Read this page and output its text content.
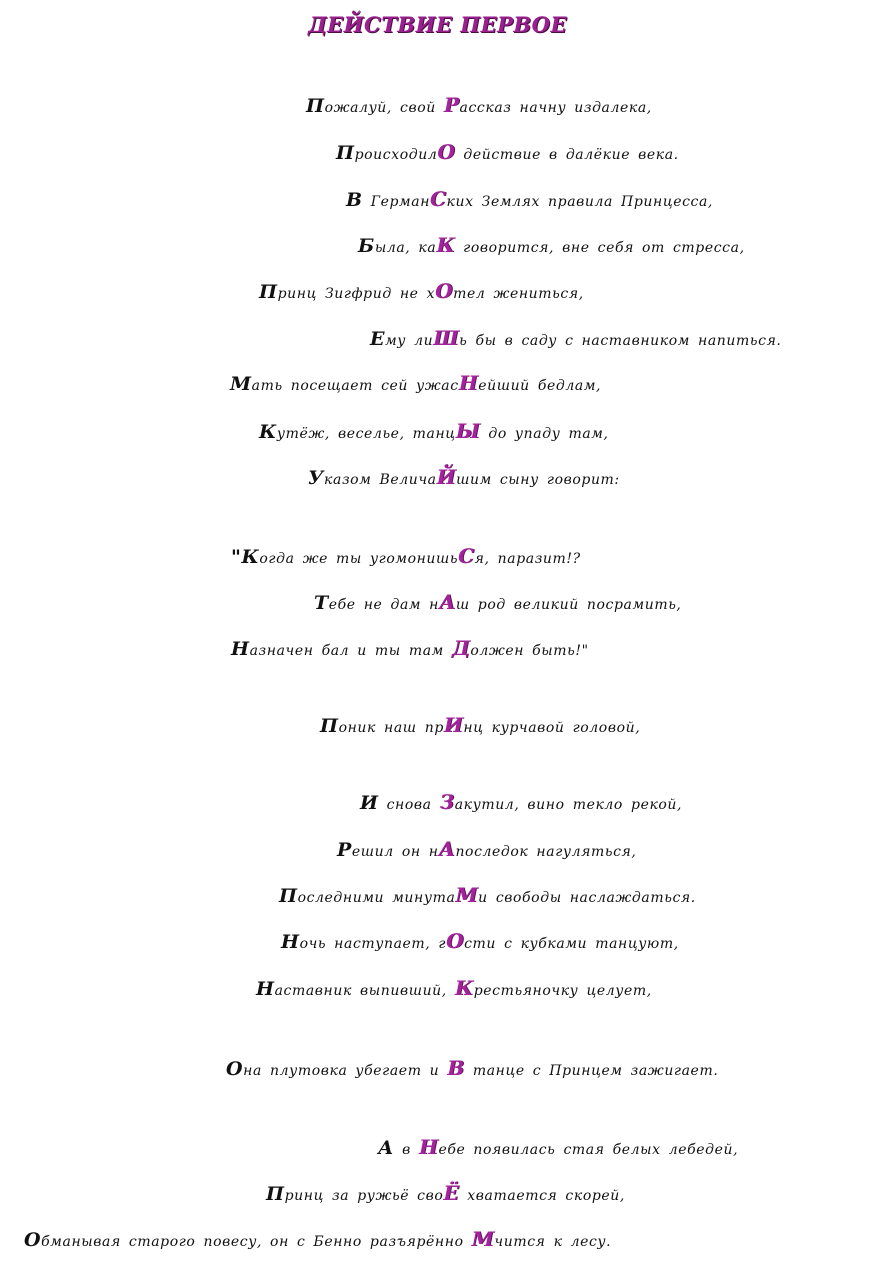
ДЕЙСТВИЕ ПЕРВОЕ
Пожалуй, свой Рассказ начну издалека,
ПроисходилО действие в далёкие века.
В ГерманСких Землях правила Принцесса,
Была, каК говорится, вне себя от стресса,
Принц Зигфрид не хОтел жениться,
Ему лиШь бы в саду с наставником напиться.
Мать посещает сей ужасНейший бедлам,
Кутёж, веселье, танцЫ до упаду там,
Указом ВеличаЙшим сыну говорит:
"Когда же ты угомонишьСя, паразит!?
Тебе не дам нАш род великий посрамить,
Назначен бал и ты там Должен быть!"
Поник наш прИнц курчавой головой,
И снова Закутил, вино текло рекой,
Решил он нАпоследок нагуляться,
Последними минутаМи свободы наслаждаться.
Ночь наступает, гОсти с кубками танцуют,
Наставник выпивший, Крестьяночку целует,
Она плутовка убегает и В танце с Принцем зажигает.
А в Небе появилась стая белых лебедей,
Принц за ружьё своЁ хватается скорей,
Обманывая старого повесу, он с Бенно разъярённо Мчится к лесу.
